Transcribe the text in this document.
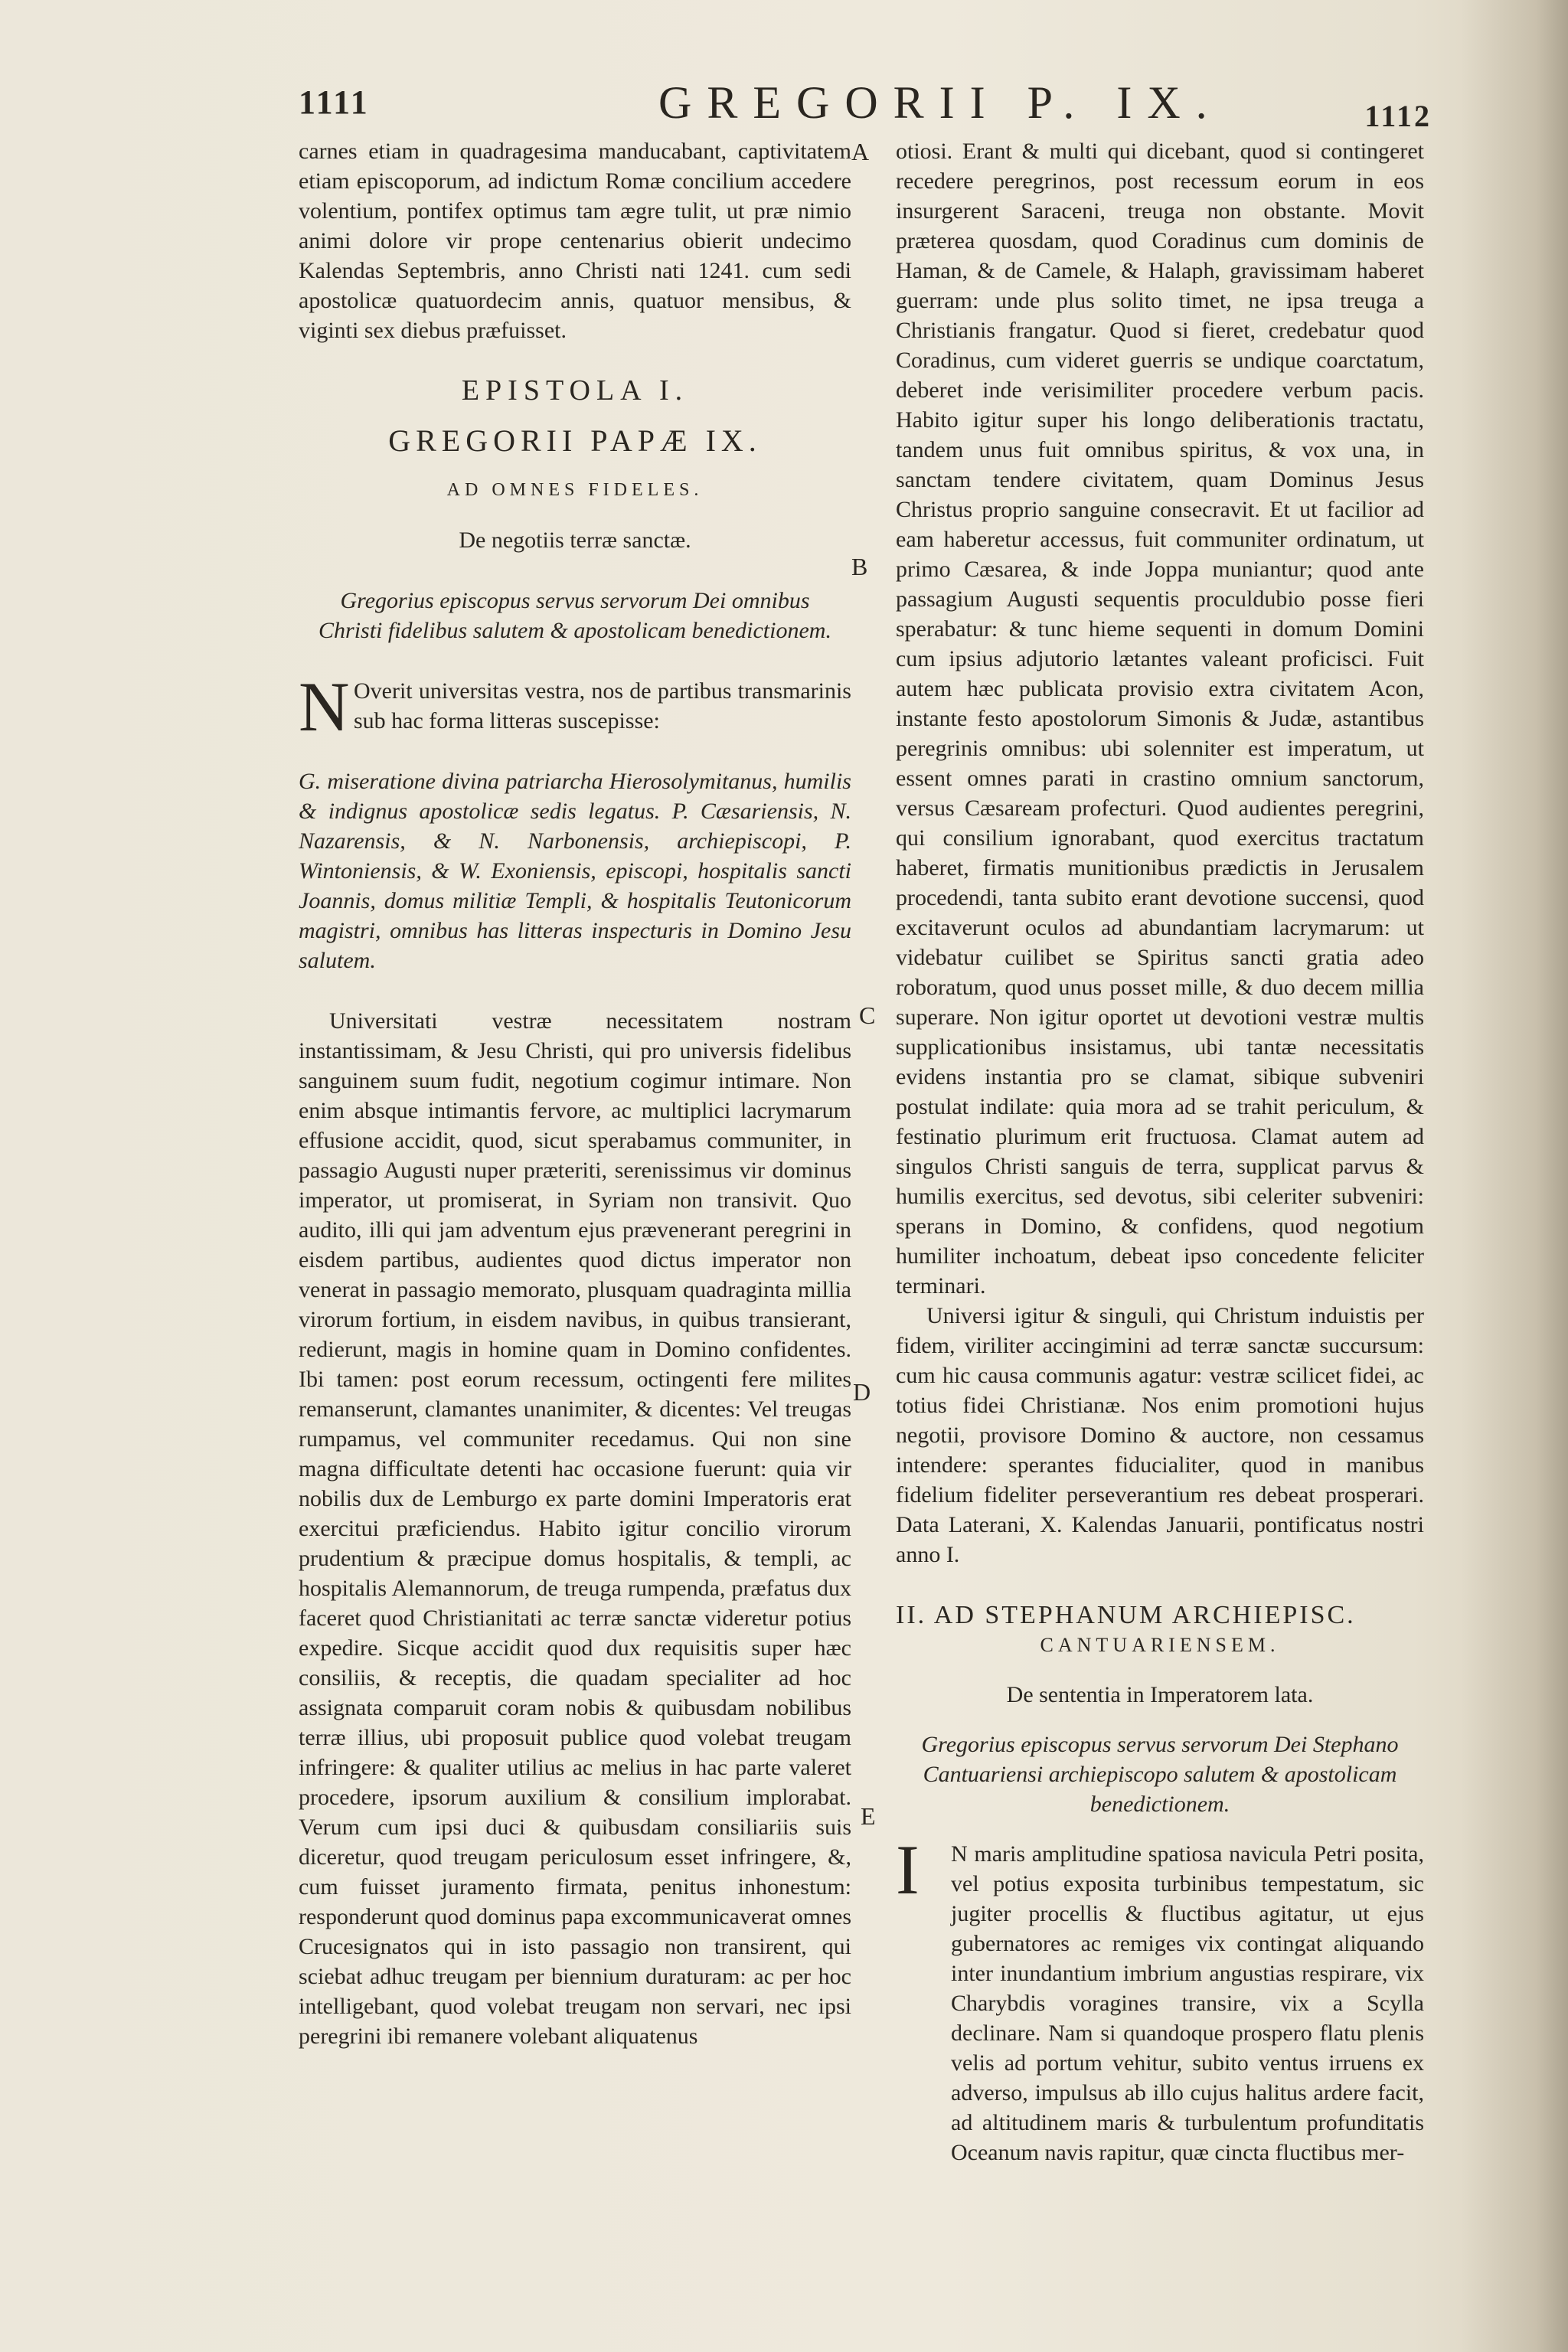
1111	GREGORII P. IX.	1112
A
B
C
D
E

carnes etiam in quadragesima manducabant, captivitatem etiam episcoporum, ad indictum Romæ concilium accedere volentium, pontifex optimus tam ægre tulit, ut præ nimio animi dolore vir prope centenarius obierit undecimo Kalendas Septembris, anno Christi nati 1241. cum sedi apostolicæ quatuordecim annis, quatuor mensibus, & viginti sex diebus præfuisset.

EPISTOLA I.

GREGORII PAPÆ IX.

AD OMNES FIDELES.

De negotiis terræ sanctæ.

Gregorius episcopus servus servorum Dei omnibus Christi fidelibus salutem & apostolicam benedictionem.

N Overit universitas vestra, nos de partibus transmarinis sub hac forma litteras suscepisse:

G. miseratione divina patriarcha Hierosolymitanus, humilis & indignus apostolicæ sedis legatus. P. Cæsariensis, N. Nazarensis, & N. Narbonensis, archiepiscopi, P. Wintoniensis, & W. Exoniensis, episcopi, hospitalis sancti Joannis, domus militiæ Templi, & hospitalis Teutonicorum magistri, omnibus has litteras inspecturis in Domino Jesu salutem.

Universitati vestræ necessitatem nostram instantissimam, & Jesu Christi, qui pro universis fidelibus sanguinem suum fudit, negotium cogimur intimare. Non enim absque intimantis fervore, ac multiplici lacrymarum effusione accidit, quod, sicut sperabamus communiter, in passagio Augusti nuper præteriti, serenissimus vir dominus imperator, ut promiserat, in Syriam non transivit. Quo audito, illi qui jam adventum ejus prævenerant peregrini in eisdem partibus, audientes quod dictus imperator non venerat in passagio memorato, plusquam quadraginta millia virorum fortium, in eisdem navibus, in quibus transierant, redierunt, magis in homine quam in Domino confidentes. Ibi tamen: post eorum recessum, octingenti fere milites remanserunt, clamantes unanimiter, & dicentes: Vel treugas rumpamus, vel communiter recedamus. Qui non sine magna difficultate detenti hac occasione fuerunt: quia vir nobilis dux de Lemburgo ex parte domini Imperatoris erat exercitui præficiendus. Habito igitur concilio virorum prudentium & præcipue domus hospitalis, & templi, ac hospitalis Alemannorum, de treuga rumpenda, præfatus dux faceret quod Christianitati ac terræ sanctæ videretur potius expedire. Sicque accidit quod dux requisitis super hæc consiliis, & receptis, die quadam specialiter ad hoc assignata comparuit coram nobis & quibusdam nobilibus terræ illius, ubi proposuit publice quod volebat treugam infringere: & qualiter utilius ac melius in hac parte valeret procedere, ipsorum auxilium & consilium implorabat. Verum cum ipsi duci & quibusdam consiliariis suis diceretur, quod treugam periculosum esset infringere, &, cum fuisset juramento firmata, penitus inhonestum: responderunt quod dominus papa excommunicaverat omnes Crucesignatos qui in isto passagio non transirent, qui sciebat adhuc treugam per biennium duraturam: ac per hoc intelligebant, quod volebat treugam non servari, nec ipsi peregrini ibi remanere volebant aliquatenus

otiosi. Erant & multi qui dicebant, quod si contingeret recedere peregrinos, post recessum eorum in eos insurgerent Saraceni, treuga non obstante. Movit præterea quosdam, quod Coradinus cum dominis de Haman, & de Camele, & Halaph, gravissimam haberet guerram: unde plus solito timet, ne ipsa treuga a Christianis frangatur. Quod si fieret, credebatur quod Coradinus, cum videret guerris se undique coarctatum, deberet inde verisimiliter procedere verbum pacis. Habito igitur super his longo deliberationis tractatu, tandem unus fuit omnibus spiritus, & vox una, in sanctam tendere civitatem, quam Dominus Jesus Christus proprio sanguine consecravit. Et ut facilior ad eam haberetur accessus, fuit communiter ordinatum, ut primo Cæsarea, & inde Joppa muniantur; quod ante passagium Augusti sequentis proculdubio posse fieri sperabatur: & tunc hieme sequenti in domum Domini cum ipsius adjutorio lætantes valeant proficisci. Fuit autem hæc publicata provisio extra civitatem Acon, instante festo apostolorum Simonis & Judæ, astantibus peregrinis omnibus: ubi solenniter est imperatum, ut essent omnes parati in crastino omnium sanctorum, versus Cæsaream profecturi. Quod audientes peregrini, qui consilium ignorabant, quod exercitus tractatum haberet, firmatis munitionibus prædictis in Jerusalem procedendi, tanta subito erant devotione succensi, quod excitaverunt oculos ad abundantiam lacrymarum: ut videbatur cuilibet se Spiritus sancti gratia adeo roboratum, quod unus posset mille, & duo decem millia superare. Non igitur oportet ut devotioni vestræ multis supplicationibus insistamus, ubi tantæ necessitatis evidens instantia pro se clamat, sibique subveniri postulat indilate: quia mora ad se trahit periculum, & festinatio plurimum erit fructuosa. Clamat autem ad singulos Christi sanguis de terra, supplicat parvus & humilis exercitus, sed devotus, sibi celeriter subveniri: sperans in Domino, & confidens, quod negotium humiliter inchoatum, debeat ipso concedente feliciter terminari.

Universi igitur & singuli, qui Christum induistis per fidem, viriliter accingimini ad terræ sanctæ succursum: cum hic causa communis agatur: vestræ scilicet fidei, ac totius fidei Christianæ. Nos enim promotioni hujus negotii, provisore Domino & auctore, non cessamus intendere: sperantes fiducialiter, quod in manibus fidelium fideliter perseverantium res debeat prosperari. Data Laterani, X. Kalendas Januarii, pontificatus nostri anno I.

II. AD STEPHANUM ARCHIEPISC.

CANTUARIENSEM.

De sententia in Imperatorem lata.

Gregorius episcopus servus servorum Dei Stephano Cantuariensi archiepiscopo salutem & apostolicam benedictionem.

I N maris amplitudine spatiosa navicula Petri posita, vel potius exposita turbinibus tempestatum, sic jugiter procellis & fluctibus agitatur, ut ejus gubernatores ac remiges vix contingat aliquando inter inundantium imbrium angustias respirare, vix Charybdis voragines transire, vix a Scylla declinare. Nam si quandoque prospero flatu plenis velis ad portum vehitur, subito ventus irruens ex adverso, impulsus ab illo cujus halitus ardere facit, ad altitudinem maris & turbulentum profunditatis Oceanum navis rapitur, quæ cincta fluctibus mer-
